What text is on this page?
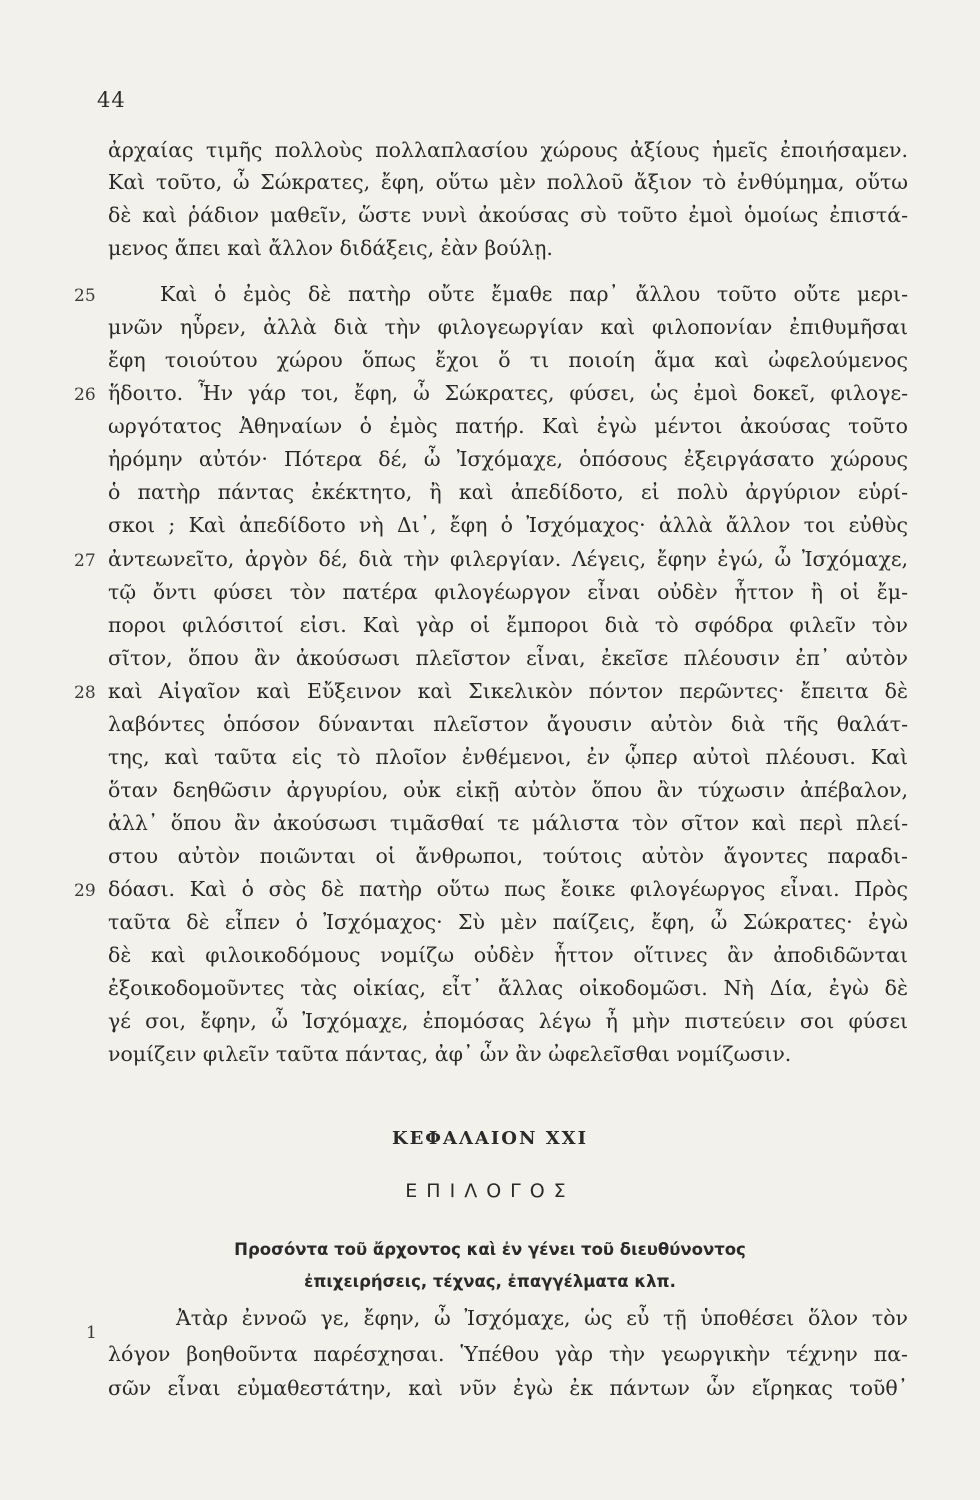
44
ἀρχαίας τιμῆς πολλοὺς πολλαπλασίου χώρους ἀξίους ἡμεῖς ἐποιήσαμεν.
Καὶ τοῦτο, ὦ Σώκρατες, ἔφη, οὕτω μὲν πολλοῦ ἄξιον τὸ ἐνθύμημα, οὕτω
δὲ καὶ ῥάδιον μαθεῖν, ὥστε νυνὶ ἀκούσας σὺ τοῦτο ἐμοὶ ὁμοίως ἐπιστά-
μενος ἄπει καὶ ἄλλον διδάξεις, ἐὰν βούλῃ.
25	Καὶ ὁ ἐμὸς δὲ πατὴρ οὔτε ἔμαθε παρ᾽ ἄλλου τοῦτο οὔτε μερι-
μνῶν ηὗρεν, ἀλλὰ διὰ τὴν φιλογεωργίαν καὶ φιλοπονίαν ἐπιθυμῆσαι
ἔφη τοιούτου χώρου ὅπως ἔχοι ὅ τι ποιοίη ἅμα καὶ ὠφελούμενος
26 ἥδοιτο. Ἦν γάρ τοι, ἔφη, ὦ Σώκρατες, φύσει, ὡς ἐμοὶ δοκεῖ, φιλογε-
ωργότατος Ἀθηναίων ὁ ἐμὸς πατήρ. Καὶ ἐγὼ μέντοι ἀκούσας τοῦτο
ἠρόμην αὐτόν· Πότερα δέ, ὦ Ἰσχόμαχε, ὁπόσους ἐξειργάσατο χώρους
ὁ πατὴρ πάντας ἐκέκτητο, ἢ καὶ ἀπεδίδοτο, εἰ πολὺ ἀργύριον εὑρί-
σκοι ; Καὶ ἀπεδίδοτο νὴ Δι᾽, ἔφη ὁ Ἰσχόμαχος· ἀλλὰ ἄλλον τοι εὐθὺς
27 ἀντεωνεῖτο, ἀργὸν δέ, διὰ τὴν φιλεργίαν. Λέγεις, ἔφην ἐγώ, ὦ Ἰσχόμαχε,
τῷ ὄντι φύσει τὸν πατέρα φιλογέωργον εἶναι οὐδὲν ἧττον ἢ οἱ ἔμ-
ποροι φιλόσιτοί εἰσι. Καὶ γὰρ οἱ ἔμποροι διὰ τὸ σφόδρα φιλεῖν τὸν
σῖτον, ὅπου ἂν ἀκούσωσι πλεῖστον εἶναι, ἐκεῖσε πλέουσιν ἐπ᾽ αὐτὸν
28 καὶ Αἰγαῖον καὶ Εὔξεινον καὶ Σικελικὸν πόντον περῶντες· ἔπειτα δὲ
λαβόντες ὁπόσον δύνανται πλεῖστον ἄγουσιν αὐτὸν διὰ τῆς θαλάτ-
της, καὶ ταῦτα εἰς τὸ πλοῖον ἐνθέμενοι, ἐν ᾧπερ αὐτοὶ πλέουσι. Καὶ
ὅταν δεηθῶσιν ἀργυρίου, οὐκ εἰκῇ αὐτὸν ὅπου ἂν τύχωσιν ἀπέβαλον,
ἀλλ᾽ ὅπου ἂν ἀκούσωσι τιμᾶσθαί τε μάλιστα τὸν σῖτον καὶ περὶ πλεί-
στου αὐτὸν ποιῶνται οἱ ἄνθρωποι, τούτοις αὐτὸν ἄγοντες παραδι-
29 δόασι. Καὶ ὁ σὸς δὲ πατὴρ οὕτω πως ἔοικε φιλογέωργος εἶναι. Πρὸς
ταῦτα δὲ εἶπεν ὁ Ἰσχόμαχος· Σὺ μὲν παίζεις, ἔφη, ὦ Σώκρατες· ἐγὼ
δὲ καὶ φιλοικοδόμους νομίζω οὐδὲν ἧττον οἵτινες ἂν ἀποδιδῶνται
ἐξοικοδομοῦντες τὰς οἰκίας, εἶτ᾽ ἄλλας οἰκοδομῶσι. Νὴ Δία, ἐγὼ δὲ
γέ σοι, ἔφην, ὦ Ἰσχόμαχε, ἐπομόσας λέγω ἦ μὴν πιστεύειν σοι φύσει
νομίζειν φιλεῖν ταῦτα πάντας, ἀφ᾽ ὧν ἂν ὠφελεῖσθαι νομίζωσιν.
ΚΕΦΑΛΑΙΟΝ XXI
ΕΠΙΛΟΓΟΣ
Προσόντα τοῦ ἄρχοντος καὶ ἐν γένει τοῦ διευθύνοντος
ἐπιχειρήσεις, τέχνας, ἐπαγγέλματα κλπ.
1
Ἀτὰρ ἐννοῶ γε, ἔφην, ὦ Ἰσχόμαχε, ὡς εὖ τῇ ὑποθέσει ὅλον τὸν
λόγον βοηθοῦντα παρέσχησαι. Ὑπέθου γὰρ τὴν γεωργικὴν τέχνην πα-
σῶν εἶναι εὐμαθεστάτην, καὶ νῦν ἐγὼ ἐκ πάντων ὧν εἴρηκας τοῦθ᾽
